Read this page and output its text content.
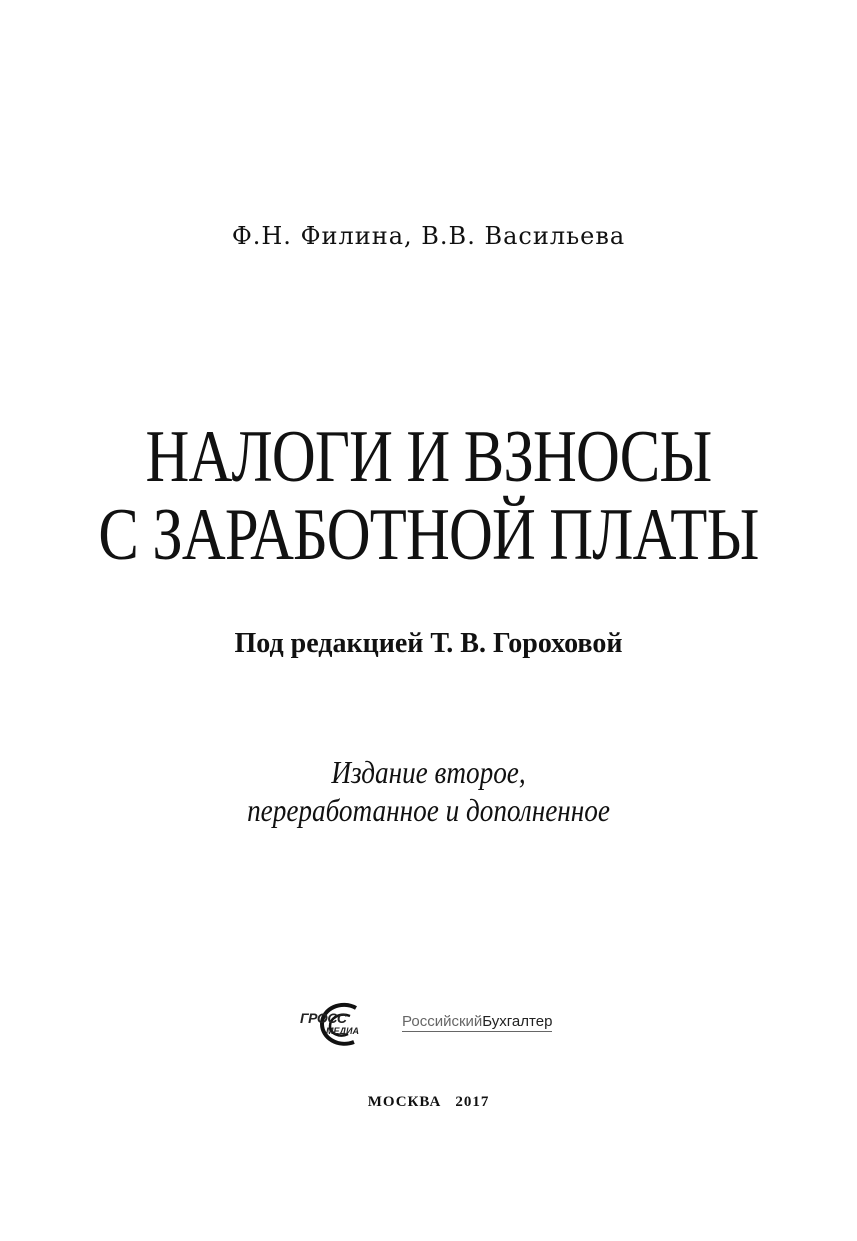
Ф.Н. Филина, В.В. Васильева
НАЛОГИ И ВЗНОСЫ
С ЗАРАБОТНОЙ ПЛАТЫ
Под редакцией Т. В. Гороховой
Издание второе,
переработанное и дополненное
ГРОСС
МЕДИА
РоссийскийБухгалтер
МОСКВА 2017
